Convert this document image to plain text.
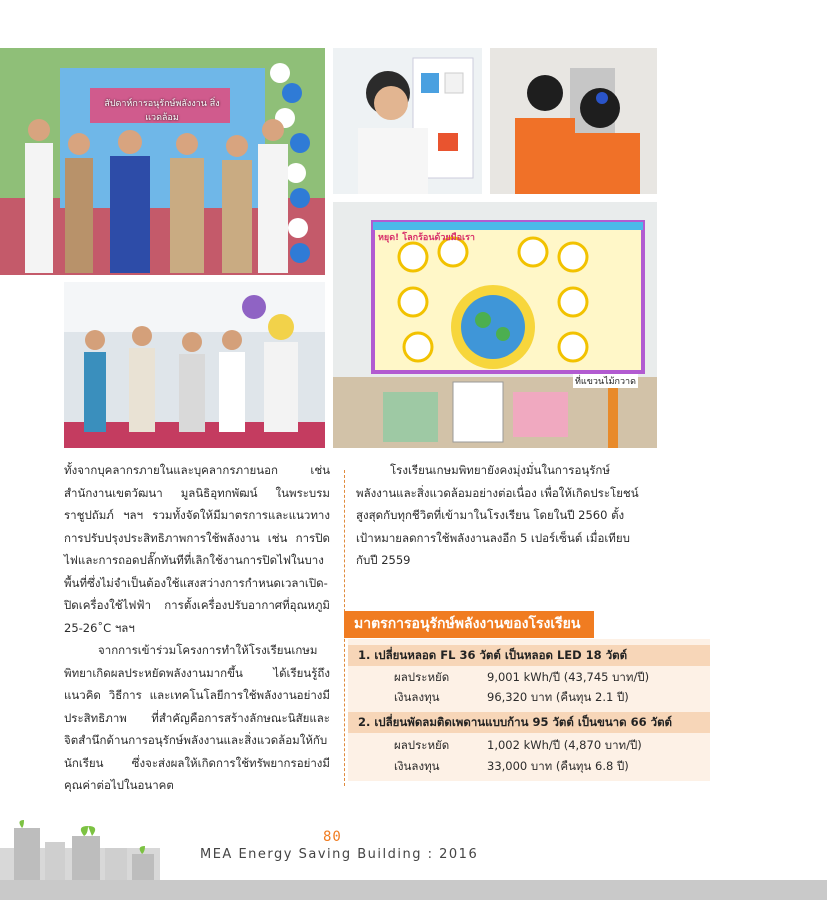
สัปดาห์การอนุรักษ์พลังงาน สิ่งแวดล้อม
หยุด! โลกร้อนด้วยมือเรา
ที่แขวนไม้กวาด

ทั้งจากบุคลากรภายในและบุคลากรภายนอก เช่นสำนักงานเขตวัฒนา มูลนิธิอุทกพัฒน์ ในพระบรมราชูปถัมภ์ ฯลฯ รวมทั้งจัดให้มีมาตรการและแนวทางการปรับปรุงประสิทธิภาพการใช้พลังงาน เช่น การปิดไฟและการถอดปลั๊กทันทีที่เลิกใช้งานการปิดไฟในบางพื้นที่ซึ่งไม่จำเป็นต้องใช้แสงสว่างการกำหนดเวลาเปิด-ปิดเครื่องใช้ไฟฟ้า การตั้งเครื่องปรับอากาศที่อุณหภูมิ 25-26˚C ฯลฯ

จากการเข้าร่วมโครงการทำให้โรงเรียนเกษมพิทยาเกิดผลประหยัดพลังงานมากขึ้น ได้เรียนรู้ถึงแนวคิด วิธีการ และเทคโนโลยีการใช้พลังงานอย่างมีประสิทธิภาพ ที่สำคัญคือการสร้างลักษณะนิสัยและจิตสำนึกด้านการอนุรักษ์พลังงานและสิ่งแวดล้อมให้กับนักเรียน ซึ่งจะส่งผลให้เกิดการใช้ทรัพยากรอย่างมีคุณค่าต่อไปในอนาคต

โรงเรียนเกษมพิทยายังคงมุ่งมั่นในการอนุรักษ์พลังงานและสิ่งแวดล้อมอย่างต่อเนื่อง เพื่อให้เกิดประโยชน์สูงสุดกับทุกชีวิตที่เข้ามาในโรงเรียน โดยในปี 2560 ตั้งเป้าหมายลดการใช้พลังงานลงอีก 5 เปอร์เซ็นต์ เมื่อเทียบกับปี 2559

มาตรการอนุรักษ์พลังงานของโรงเรียน
1. เปลี่ยนหลอด FL 36 วัตต์ เป็นหลอด LED 18 วัตต์
ผลประหยัด	9,001 kWh/ปี (43,745 บาท/ปี)
เงินลงทุน	96,320 บาท (คืนทุน 2.1 ปี)
2. เปลี่ยนพัดลมติดเพดานแบบก้าน 95 วัตต์ เป็นขนาด 66 วัตต์
ผลประหยัด	1,002 kWh/ปี (4,870 บาท/ปี)
เงินลงทุน	33,000 บาท (คืนทุน 6.8 ปี)
80
MEA Energy Saving Building : 2016
